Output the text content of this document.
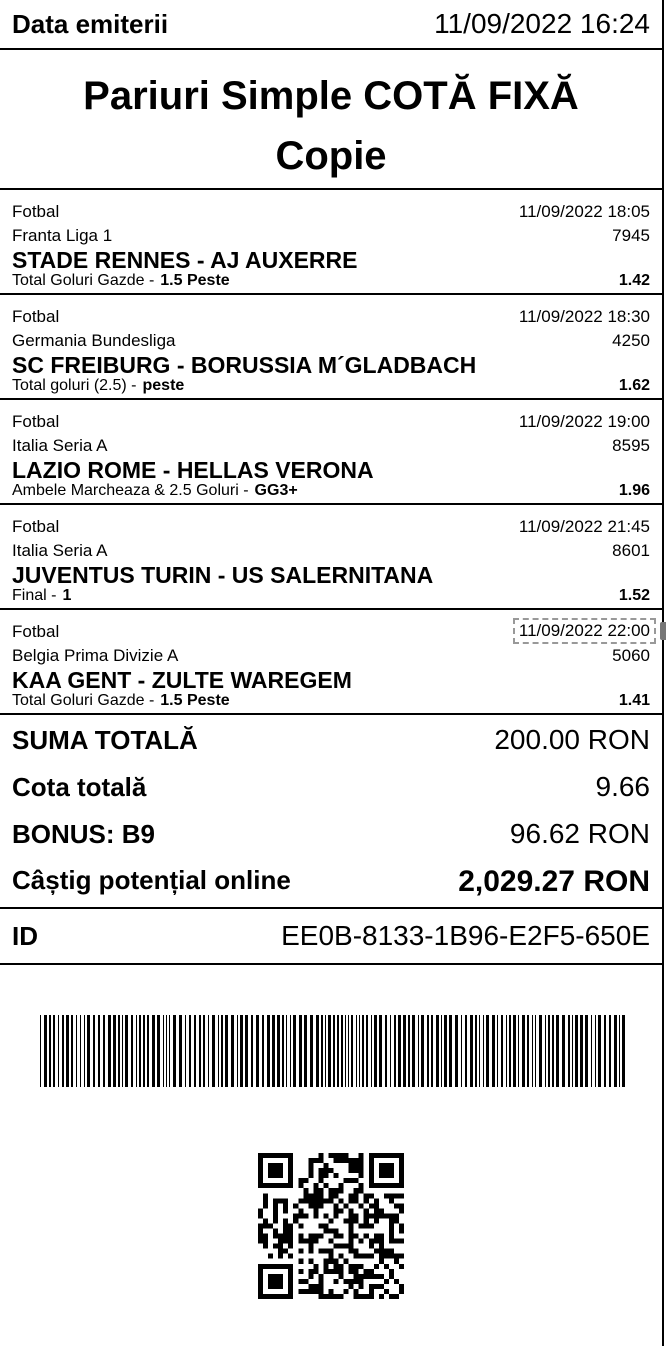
Data emiterii	11/09/2022 16:24
Pariuri Simple COTĂ FIXĂ
Copie
Fotbal	11/09/2022 18:05
Franta Liga 1	7945
STADE RENNES - AJ AUXERRE
Total Goluri Gazde - 1.5 Peste	1.42
Fotbal	11/09/2022 18:30
Germania Bundesliga	4250
SC FREIBURG - BORUSSIA M´GLADBACH
Total goluri (2.5) - peste	1.62
Fotbal	11/09/2022 19:00
Italia Seria A	8595
LAZIO ROME - HELLAS VERONA
Ambele Marcheaza & 2.5 Goluri - GG3+	1.96
Fotbal	11/09/2022 21:45
Italia Seria A	8601
JUVENTUS TURIN - US SALERNITANA
Final - 1	1.52
Fotbal	11/09/2022 22:00
Belgia Prima Divizie A	5060
KAA GENT - ZULTE WAREGEM
Total Goluri Gazde - 1.5 Peste	1.41
SUMA TOTALĂ	200.00 RON
Cota totală	9.66
BONUS: B9	96.62 RON
Câștig potențial online	2,029.27 RON
ID	EE0B-8133-1B96-E2F5-650E
